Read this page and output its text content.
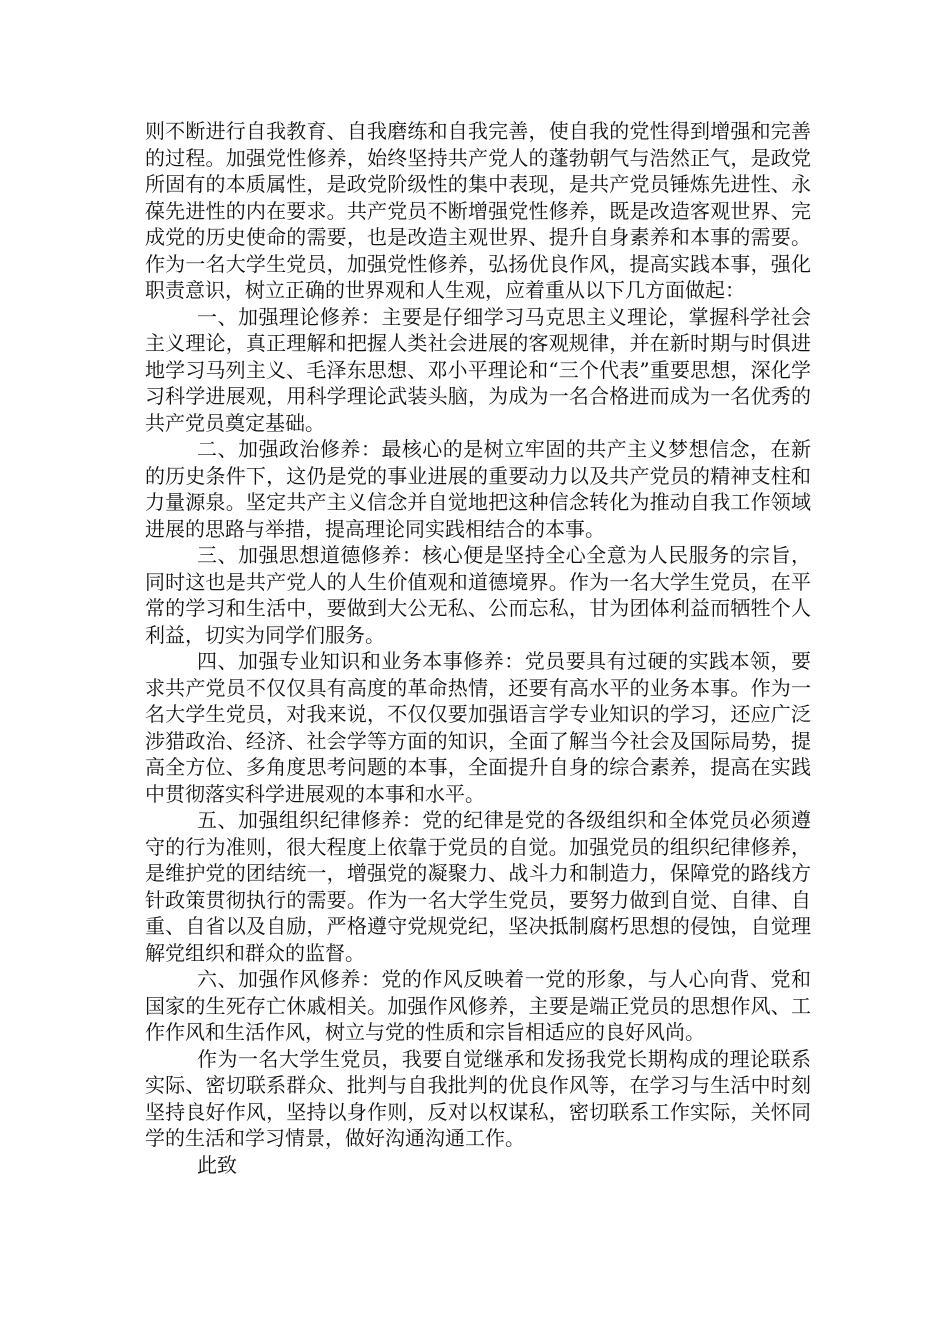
则不断进行自我教育、自我磨练和自我完善，使自我的党性得到增强和完善的过程。加强党性修养，始终坚持共产党人的蓬勃朝气与浩然正气，是政党所固有的本质属性，是政党阶级性的集中表现，是共产党员锤炼先进性、永葆先进性的内在要求。共产党员不断增强党性修养，既是改造客观世界、完成党的历史使命的需要，也是改造主观世界、提升自身素养和本事的需要。作为一名大学生党员，加强党性修养，弘扬优良作风，提高实践本事，强化职责意识，树立正确的世界观和人生观，应着重从以下几方面做起：

一、加强理论修养：主要是仔细学习马克思主义理论，掌握科学社会主义理论，真正理解和把握人类社会进展的客观规律，并在新时期与时俱进地学习马列主义、毛泽东思想、邓小平理论和“三个代表”重要思想，深化学习科学进展观，用科学理论武装头脑，为成为一名合格进而成为一名优秀的共产党员奠定基础。

二、加强政治修养：最核心的是树立牢固的共产主义梦想信念，在新的历史条件下，这仍是党的事业进展的重要动力以及共产党员的精神支柱和力量源泉。坚定共产主义信念并自觉地把这种信念转化为推动自我工作领域进展的思路与举措，提高理论同实践相结合的本事。

三、加强思想道德修养：核心便是坚持全心全意为人民服务的宗旨，同时这也是共产党人的人生价值观和道德境界。作为一名大学生党员，在平常的学习和生活中，要做到大公无私、公而忘私，甘为团体利益而牺牲个人利益，切实为同学们服务。

四、加强专业知识和业务本事修养：党员要具有过硬的实践本领，要求共产党员不仅仅具有高度的革命热情，还要有高水平的业务本事。作为一名大学生党员，对我来说，不仅仅要加强语言学专业知识的学习，还应广泛涉猎政治、经济、社会学等方面的知识，全面了解当今社会及国际局势，提高全方位、多角度思考问题的本事，全面提升自身的综合素养，提高在实践中贯彻落实科学进展观的本事和水平。

五、加强组织纪律修养：党的纪律是党的各级组织和全体党员必须遵守的行为准则，很大程度上依靠于党员的自觉。加强党员的组织纪律修养，是维护党的团结统一，增强党的凝聚力、战斗力和制造力，保障党的路线方针政策贯彻执行的需要。作为一名大学生党员，要努力做到自觉、自律、自重、自省以及自励，严格遵守党规党纪，坚决抵制腐朽思想的侵蚀，自觉理解党组织和群众的监督。

六、加强作风修养：党的作风反映着一党的形象，与人心向背、党和国家的生死存亡休戚相关。加强作风修养，主要是端正党员的思想作风、工作作风和生活作风，树立与党的性质和宗旨相适应的良好风尚。

作为一名大学生党员，我要自觉继承和发扬我党长期构成的理论联系实际、密切联系群众、批判与自我批判的优良作风等，在学习与生活中时刻坚持良好作风，坚持以身作则，反对以权谋私，密切联系工作实际，关怀同学的生活和学习情景，做好沟通沟通工作。

此致
